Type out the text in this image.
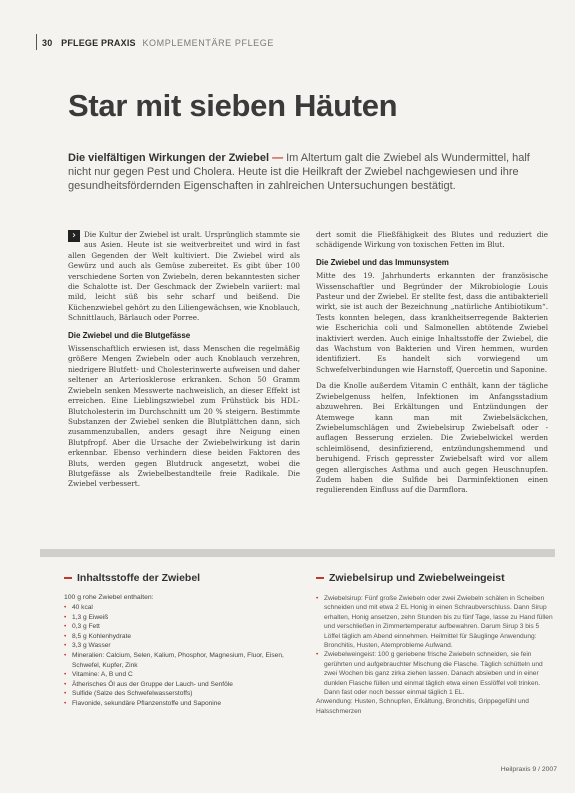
30 PFLEGE PRAXIS KOMPLEMENTÄRE PFLEGE
Star mit sieben Häuten
Die vielfältigen Wirkungen der Zwiebel — Im Altertum galt die Zwiebel als Wundermittel, half nicht nur gegen Pest und Cholera. Heute ist die Heilkraft der Zwiebel nachgewiesen und ihre gesundheitsfördernden Eigenschaften in zahlreichen Untersuchungen bestätigt.

›	Die Kultur der Zwiebel ist uralt. Ursprünglich stammte sie aus Asien. Heute ist sie weitverbreitet und wird in fast allen Gegenden der Welt kultiviert. Die Zwiebel wird als Gewürz und auch als Gemüse zubereitet. Es gibt über 100 verschiedene Sorten von Zwiebeln, deren bekanntesten sicher die Schalotte ist. Der Geschmack der Zwiebeln variiert: mal mild, leicht süß bis sehr scharf und beißend. Die Küchenzwiebel gehört zu den Liliengewächsen, wie Knoblauch, Schnittlauch, Bärlauch oder Porree.

Die Zwiebel und die Blutgefässe

Wissenschaftlich erwiesen ist, dass Menschen die regelmäßig größere Mengen Zwiebeln oder auch Knoblauch verzehren, niedrigere Blutfett- und Cholesterinwerte aufweisen und daher seltener an Arteriosklerose erkranken. Schon 50 Gramm Zwiebeln senken Messwerte nachweislich, an dieser Effekt ist erreichen. Eine Lieblingszwiebel zum Frühstück bis HDL-Blutcholesterin im Durchschnitt um 20 % steigern. Bestimmte Substanzen der Zwiebel senken die Blutplättchen dann, sich zusammenzuballen, anders gesagt ihre Neigung einen Blutpfropf. Aber die Ursache der Zwiebelwirkung ist darin erkennbar. Ebenso verhindern diese beiden Faktoren des Bluts, werden gegen Blutdruck angesetzt, wobei die Blutgefässe als Zwiebelbestandteile freie Radikale. Die Zwiebel verbessert.

dert somit die Fließfähigkeit des Blutes und reduziert die schädigende Wirkung von toxischen Fetten im Blut.

Die Zwiebel und das Immunsystem

Mitte des 19. Jahrhunderts erkannten der französische Wissenschaftler und Begründer der Mikrobiologie Louis Pasteur und der Zwiebel. Er stellte fest, dass die antibakteriell wirkt, sie ist auch der Bezeichnung „natürliche Antibiotikum“. Tests konnten belegen, dass krankheitserregende Bakterien wie Escherichia coli und Salmonellen abtötende Zwiebel inaktiviert werden. Auch einige Inhaltsstoffe der Zwiebel, die das Wachstum von Bakterien und Viren hemmen, wurden identifiziert. Es handelt sich vorwiegend um Schwefelverbindungen wie Harnstoff, Quercetin und Saponine.

Da die Knolle außerdem Vitamin C enthält, kann der tägliche Zwiebelgenuss helfen, Infektionen im Anfangsstadium abzuwehren. Bei Erkältungen und Entzündungen der Atemwege kann man mit Zwiebelsäckchen, Zwiebelumschlägen und Zwiebelsirup Zwiebelsaft oder -auflagen Besserung erzielen. Die Zwiebelwickel werden schleimlösend, desinfizierend, entzündungshemmend und beruhigend. Frisch gepresster Zwiebelsaft wird vor allem gegen allergisches Asthma und auch gegen Heuschnupfen. Zudem haben die Sulfide bei Darminfektionen einen regulierenden Einfluss auf die Darmflora.

Inhaltsstoffe der Zwiebel
100 g rohe Zwiebel enthalten:
• 40 kcal
• 1,3 g Eiweiß
• 0,3 g Fett
• 8,5 g Kohlenhydrate
• 3,3 g Wasser
• Mineralien: Calcium, Selen, Kalium, Phosphor, Magnesium, Fluor, Eisen, Schwefel, Kupfer, Zink
• Vitamine: A, B und C
• Ätherisches Öl aus der Gruppe der Lauch- und Senföle
• Sulfide (Salze des Schwefelwasserstoffs)
• Flavonide, sekundäre Pflanzenstoffe und Saponine
Zwiebelsirup und Zwiebelweingeist
• Zwiebelsirup: Fünf große Zwiebeln oder zwei Zwiebeln schälen in Scheiben schneiden und mit etwa 2 EL Honig in einen Schraubverschluss. Dann Sirup erhalten, Honig ansetzen, zehn Stunden bis zu fünf Tage, lasse zu Hand füllen und verschließen in Zimmertemperatur aufbewahren. Darum Sirup 3 bis 5 Löffel täglich am Abend einnehmen. Heilmittel für Säuglinge Anwendung: Bronchitis, Husten, Atemprobleme Aufwand.
• Zwiebelweingeist: 100 g geriebene frische Zwiebeln schneiden, sie fein gerührten und aufgebrauchter Mischung die Flasche. Täglich schütteln und zwei Wochen bis ganz zirka ziehen lassen. Danach absieben und in einer dunklen Flasche füllen und einmal täglich etwa einen Esslöffel voll trinken. Dann fast oder noch besser einmal täglich 1 EL.
Anwendung: Husten, Schnupfen, Erkältung, Bronchitis, Grippegefühl und Halsschmerzen
Heilpraxis 9 / 2007
